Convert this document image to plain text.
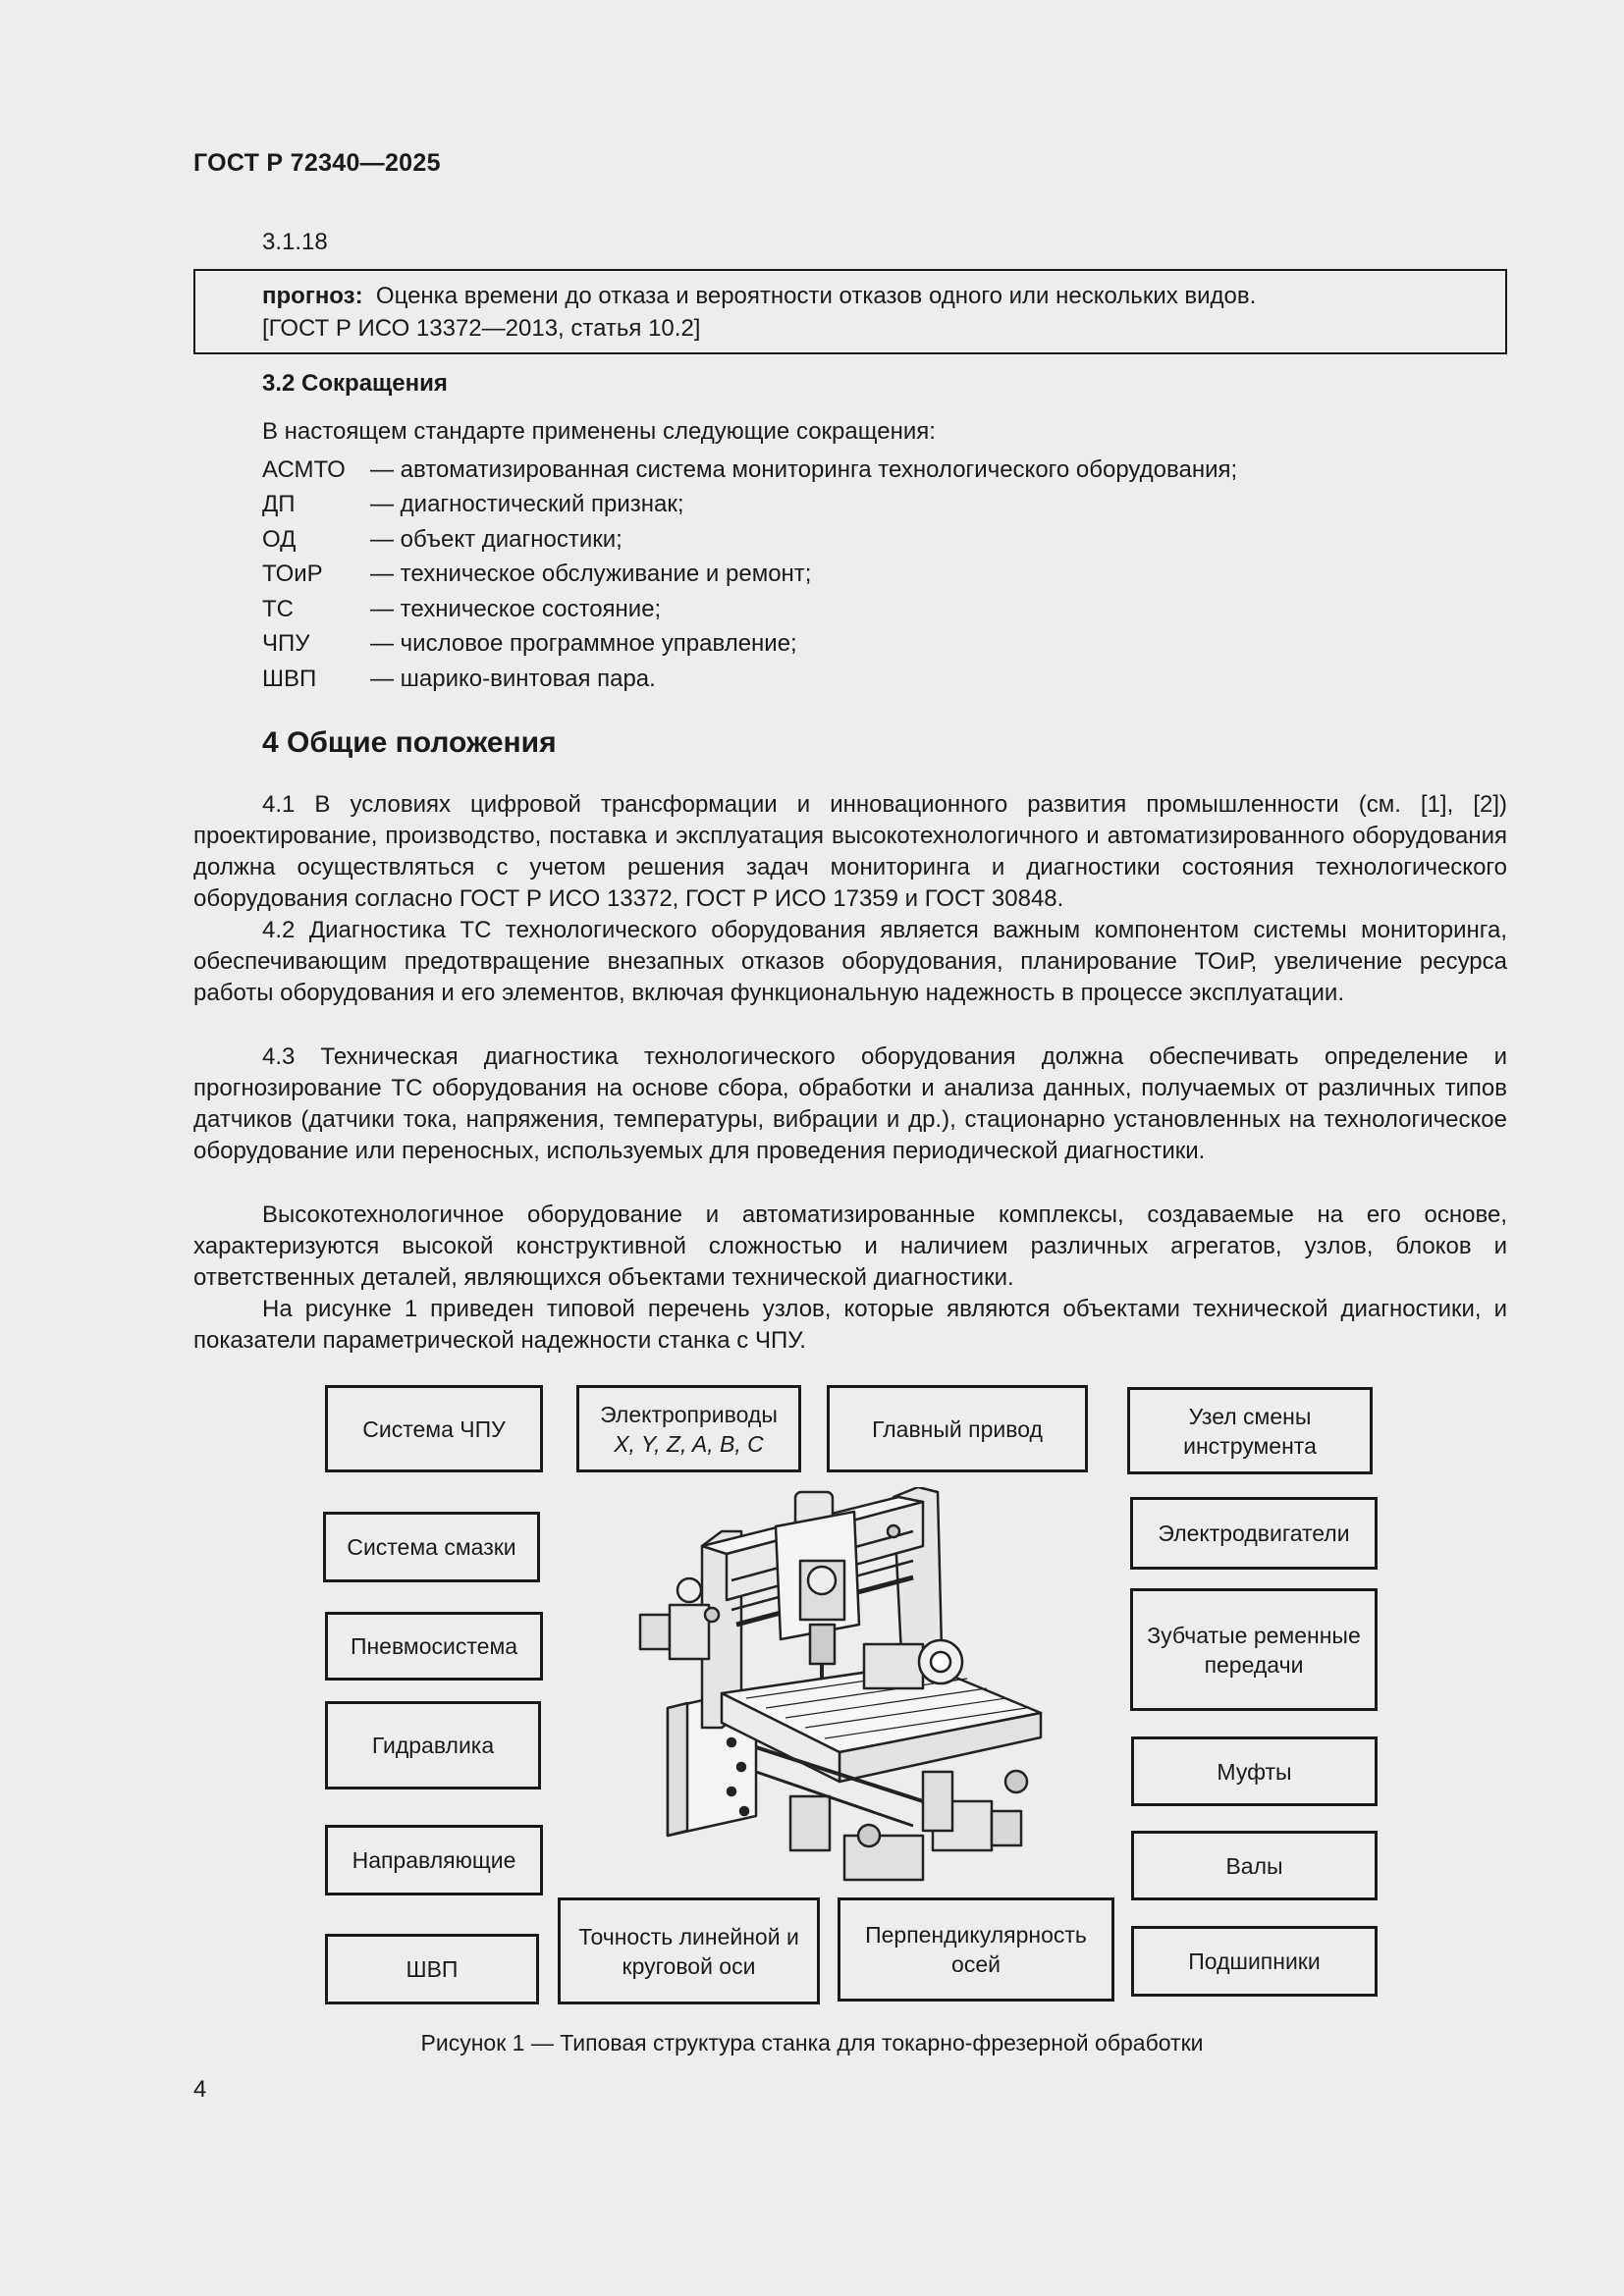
ГОСТ Р 72340—2025
3.1.18
прогноз: Оценка времени до отказа и вероятности отказов одного или нескольких видов.
[ГОСТ Р ИСО 13372—2013, статья 10.2]
3.2 Сокращения
В настоящем стандарте применены следующие сокращения:
АСМТО — автоматизированная система мониторинга технологического оборудования;
ДП	— диагностический признак;
ОД	— объект диагностики;
ТОиР — техническое обслуживание и ремонт;
ТС	— техническое состояние;
ЧПУ	— числовое программное управление;
ШВП — шарико-винтовая пара.
4 Общие положения

4.1 В условиях цифровой трансформации и инновационного развития промышленности (см. [1], [2]) проектирование, производство, поставка и эксплуатация высокотехнологичного и автоматизированного оборудования должна осуществляться с учетом решения задач мониторинга и диагностики состояния технологического оборудования согласно ГОСТ Р ИСО 13372, ГОСТ Р ИСО 17359 и ГОСТ 30848.

4.2 Диагностика ТС технологического оборудования является важным компонентом системы мониторинга, обеспечивающим предотвращение внезапных отказов оборудования, планирование ТОиР, увеличение ресурса работы оборудования и его элементов, включая функциональную надежность в процессе эксплуатации.

4.3 Техническая диагностика технологического оборудования должна обеспечивать определение и прогнозирование ТС оборудования на основе сбора, обработки и анализа данных, получаемых от различных типов датчиков (датчики тока, напряжения, температуры, вибрации и др.), стационарно установленных на технологическое оборудование или переносных, используемых для проведения периодической диагностики.

Высокотехнологичное оборудование и автоматизированные комплексы, создаваемые на его основе, характеризуются высокой конструктивной сложностью и наличием различных агрегатов, узлов, блоков и ответственных деталей, являющихся объектами технической диагностики.

На рисунке 1 приведен типовой перечень узлов, которые являются объектами технической диагностики, и показатели параметрической надежности станка с ЧПУ.

Система ЧПУ
Электроприводы
X, Y, Z, A, B, C
Главный привод	Узел смены инструмента
Система смазки
Электродвигатели
Пневмосистема	Зубчатые ременные передачи
Гидравлика
Муфты
Направляющие	Валы
ШВП
Точность линейной и круговой оси
Перпендикулярность осей	Подшипники
Рисунок 1 — Типовая структура станка для токарно-фрезерной обработки
4
